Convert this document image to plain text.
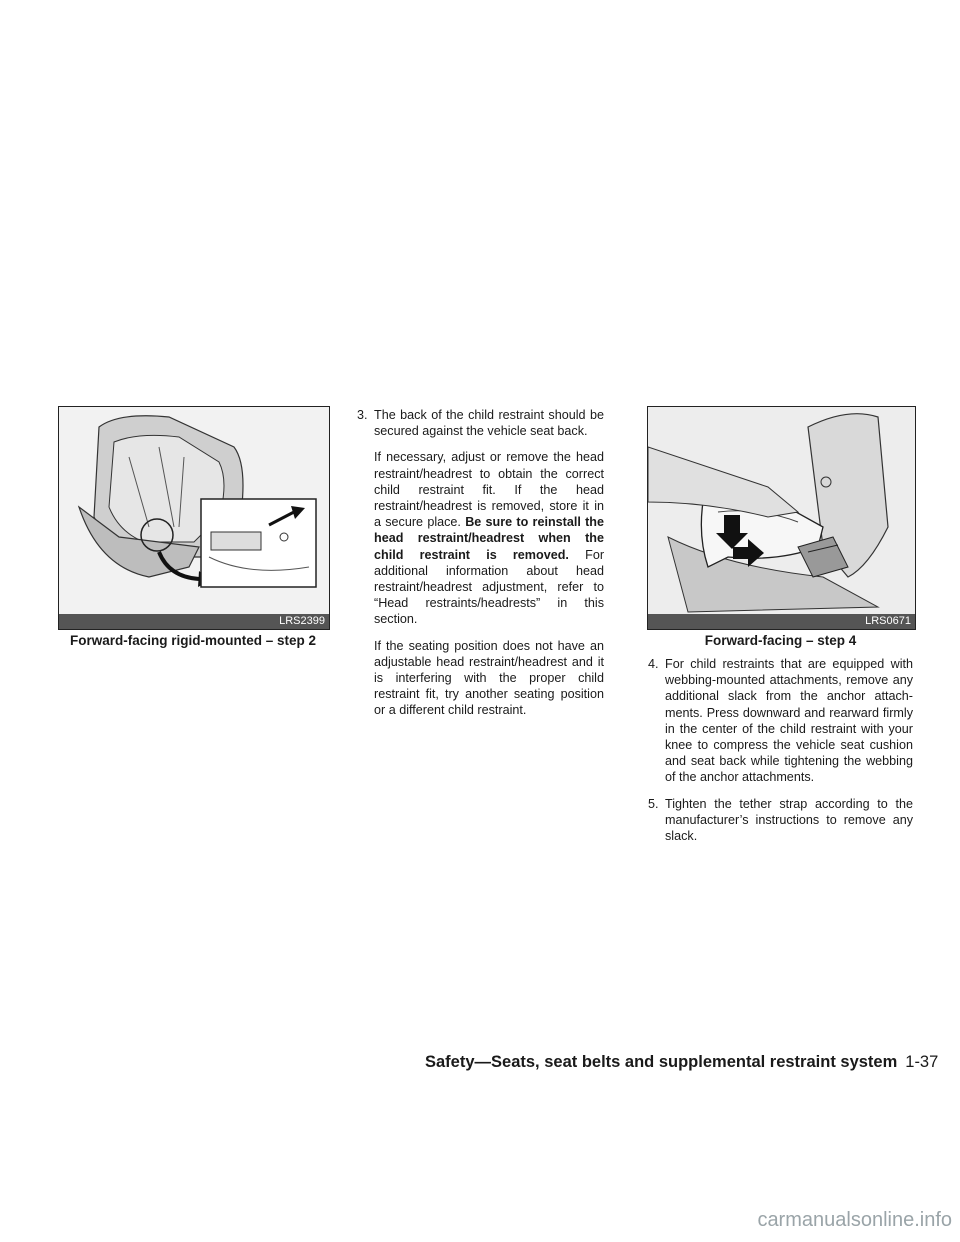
LRS2399
Forward-facing rigid-mounted – step 2
LRS0671
Forward-facing – step 4
3. The back of the child restraint should be secured against the vehicle seat back.

If necessary, adjust or remove the head restraint/headrest to obtain the correct child restraint fit. If the head restraint/headrest is removed, store it in a secure place. Be sure to reinstall the head restraint/headrest when the child restraint is removed. For additional information about head restraint/headrest adjustment, refer to “Head restraints/headrests” in this section.

If the seating position does not have an adjustable head restraint/headrest and it is interfering with the proper child restraint fit, try another seating position or a different child restraint.

4. For child restraints that are equipped with webbing-mounted attachments, remove any additional slack from the anchor attach-ments. Press downward and rearward firmly in the center of the child restraint with your knee to compress the vehicle seat cushion and seat back while tightening the webbing of the anchor attachments.
5. Tighten the tether strap according to the manufacturer’s instructions to remove any slack.
Safety—Seats, seat belts and supplemental restraint system 1-37
carmanualsonline.info
